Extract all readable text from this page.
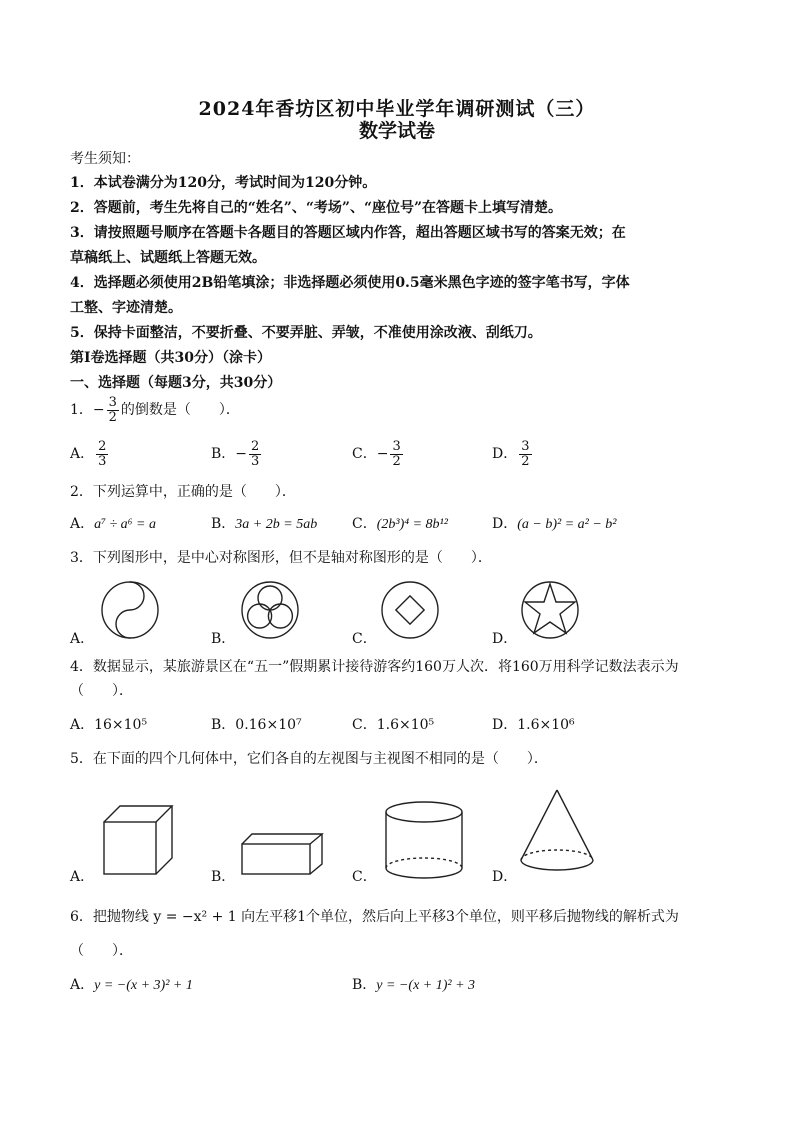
2024年香坊区初中毕业学年调研测试（三）
数学试卷
考生须知：
1．本试卷满分为120分，考试时间为120分钟。
2．答题前，考生先将自己的“姓名”、“考场”、“座位号”在答题卡上填写清楚。
3．请按照题号顺序在答题卡各题目的答题区域内作答，超出答题区域书写的答案无效；在
草稿纸上、试题纸上答题无效。
4．选择题必须使用2B铅笔填涂；非选择题必须使用0.5毫米黑色字迹的签字笔书写，字体
工整、字迹清楚。
5．保持卡面整洁，不要折叠、不要弄脏、弄皱，不准使用涂改液、刮纸刀。
第Ⅰ卷选择题（共30分）（涂卡）
一、选择题（每题3分，共30分）
1．− $\frac{3}{2}$ 的倒数是（　　）．
A． $\frac{2}{3}$	B．− $\frac{2}{3}$	C．− $\frac{3}{2}$	D． $\frac{3}{2}$
2．下列运算中，正确的是（　　）．
A．a⁷ ÷ a⁶ = a	B．3a + 2b = 5ab C．(2b³)⁴ = 8b¹²	D．(a − b)² = a² − b²
3．下列图形中，是中心对称图形，但不是轴对称图形的是（　　）．
A．	B．	C．	D．
4．数据显示，某旅游景区在“五一”假期累计接待游客约160万人次．将160万用科学记数法表示为
（　　）．
A．16×10⁵	B．0.16×10⁷	C．1.6×10⁵	D．1.6×10⁶
5．在下面的四个几何体中，它们各自的左视图与主视图不相同的是（　　）．
A．	B．	C．	D．
6．把抛物线 y = −x² + 1 向左平移1个单位，然后向上平移3个单位，则平移后抛物线的解析式为
（　　）．
A．y = −(x + 3)² + 1	B．y = −(x + 1)² + 3
